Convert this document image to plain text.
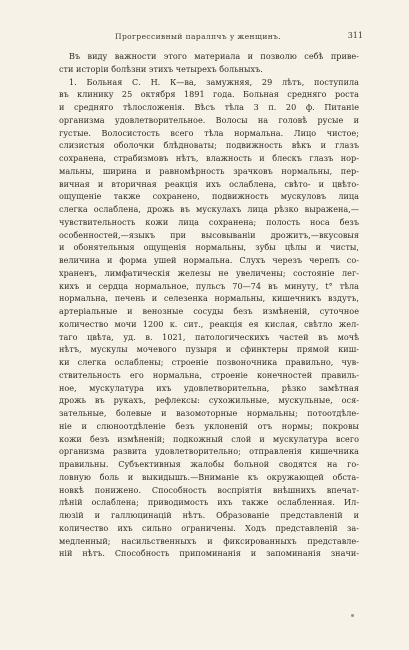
Прогрессивный паралпчъ у женщинъ.	311
Въ виду важности этого материала и позволю себѣ приве-
сти исторіи болѣзни этихъ четырехъ больныхъ.
1. Больная С. Н. К—ва, замужняя, 29 лѣтъ, поступила
въ клинику 25 октября 1891 года. Больная средняго роста
и средняго тѣлосложенія. Вѣсъ тѣла 3 п. 20 ф. Питаніе
организма удовлетворительное. Волосы на головѣ русые и
густые. Волосистость всего тѣла нормальна. Лицо чистое;
слизистыя оболочки блѣдноваты; подвижность вѣкъ и глазъ
сохранена, страбизмовъ нѣтъ, влажность и блескъ глазъ нор-
мальны, ширина и равномѣрность зрачковъ нормальны, пер-
вичная и вторичная реакція ихъ ослаблена, свѣто- и цвѣто-
ощущеніе также сохранено, подвижность мускуловъ лица
слегка ослаблена, дрожь въ мускулахъ лица рѣзко выражена,—
чувствительность кожи лица сохранена; полость носа безъ
особенностей,—языкъ при высовываніи дрожитъ,—вкусовыя
и обонятельныя ощущенія нормальны, зубы цѣлы и чисты,
величина и форма ушей нормальна. Слухъ черезъ черепъ со-
храненъ, лимфатическія железы не увеличены; состояніе лег-
кихъ и сердца нормальное, пульсъ 70—74 въ минуту, t° тѣла
нормальна, печень и селезенка нормальны, кишечникъ вздутъ,
артеріальные и венозные сосуды безъ измѣненій, суточное
количество мочи 1200 к. сит., реакція ея кислая, свѣтло жел-
таго цвѣта, уд. в. 1021, патологическихъ частей въ мочѣ
нѣтъ, мускулы мочевого пузыря и сфинктеры прямой киш-
ки слегка ослаблены; строеніе позвоночника правильно, чув-
ствительность его нормальна, строеніе конечностей правиль-
ное, мускулатура ихъ удовлетворительна, рѣзко замѣтная
дрожь въ рукахъ, рефлексы: сухожильные, мускульные, ося-
зательные, болевые и вазомоторные нормальны; потоотдѣле-
ніе и слюноотдѣленіе безъ уклоненій отъ нормы; покровы
кожи безъ измѣненій; подкожный слой и мускулатура всего
организма развита удовлетворительно; отправленія кишечника
правильны. Субъективныя жалобы больной сводятся на го-
ловную боль и выкидышъ.—Вниманіе къ окружающей обста-
новкѣ понижено. Способность воспріятія внѣшнихъ впечат-
лѣній ослаблена; приводимость ихъ также ослабленная. Ил-
люзій и галлюцинацій нѣтъ. Образованіе представленій и
количество ихъ сильно ограничены. Ходъ представленій за-
медленный; насильственныхъ и фиксированныхъ представле-
ній нѣтъ. Способность припоминанія и запоминанія значи-
